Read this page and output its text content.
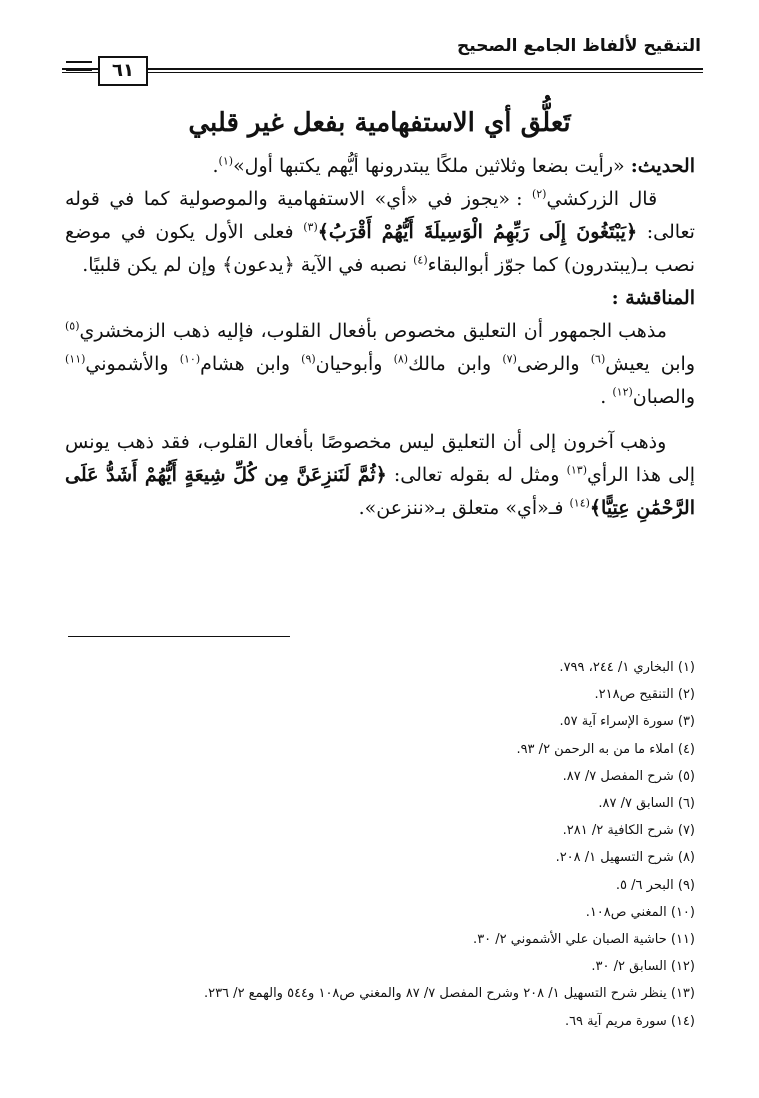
التنقيح لألفاظ الجامع الصحيح
٦١
تَعلُّق أي الاستفهامية بفعل غير قلبي

الحديث: «رأيت بضعا وثلاثين ملكًا يبتدرونها أيُّهم يكتبها أول»$^{(١)}$.

قال الزركشي$^{(٢)}$ : «يجوز في «أي» الاستفهامية والموصولية كما في قوله تعالى: ﴿يَبْتَغُونَ إِلَى رَبِّهِمُ الْوَسِيلَةَ أَيُّهُمْ أَقْرَبُ﴾$^{(٣)}$ فعلى الأول يكون في موضع نصب بـ(يبتدرون) كما جوّز أبوالبقاء$^{(٤)}$ نصبه في الآية ﴿يدعون﴾ وإن لم يكن قلبيًا.

المناقشة :

مذهب الجمهور أن التعليق مخصوص بأفعال القلوب، فإليه ذهب الزمخشري$^{(٥)}$ وابن يعيش$^{(٦)}$ والرضى$^{(٧)}$ وابن مالك$^{(٨)}$ وأبوحيان$^{(٩)}$ وابن هشام$^{(١٠)}$ والأشموني$^{(١١)}$ والصبان$^{(١٢)}$ .

وذهب آخرون إلى أن التعليق ليس مخصوصًا بأفعال القلوب، فقد ذهب يونس إلى هذا الرأي$^{(١٣)}$ ومثل له بقوله تعالى: ﴿ثُمَّ لَنَنزِعَنَّ مِن كُلِّ شِيعَةٍ أَيُّهُمْ أَشَدُّ عَلَى الرَّحْمَٰنِ عِتِيًّا﴾$^{(١٤)}$ فـ«أي» متعلق بـ«ننزعن».

(١) البخاري ١/ ٢٤٤، ٧٩٩.
(٢) التنقيح ص٢١٨.
(٣) سورة الإسراء آية ٥٧.
(٤) املاء ما من به الرحمن ٢/ ٩٣.
(٥) شرح المفصل ٧/ ٨٧.
(٦) السابق ٧/ ٨٧.
(٧) شرح الكافية ٢/ ٢٨١.
(٨) شرح التسهيل ١/ ٢٠٨.
(٩) البحر ٦/ ٥.
(١٠) المغني ص١٠٨.
(١١) حاشية الصبان علي الأشموني ٢/ ٣٠.
(١٢) السابق ٢/ ٣٠.
(١٣) ينظر شرح التسهيل ١/ ٢٠٨ وشرح المفصل ٧/ ٨٧ والمغني ص١٠٨ و٥٤٤ والهمع ٢/ ٢٣٦.
(١٤) سورة مريم آية ٦٩.
